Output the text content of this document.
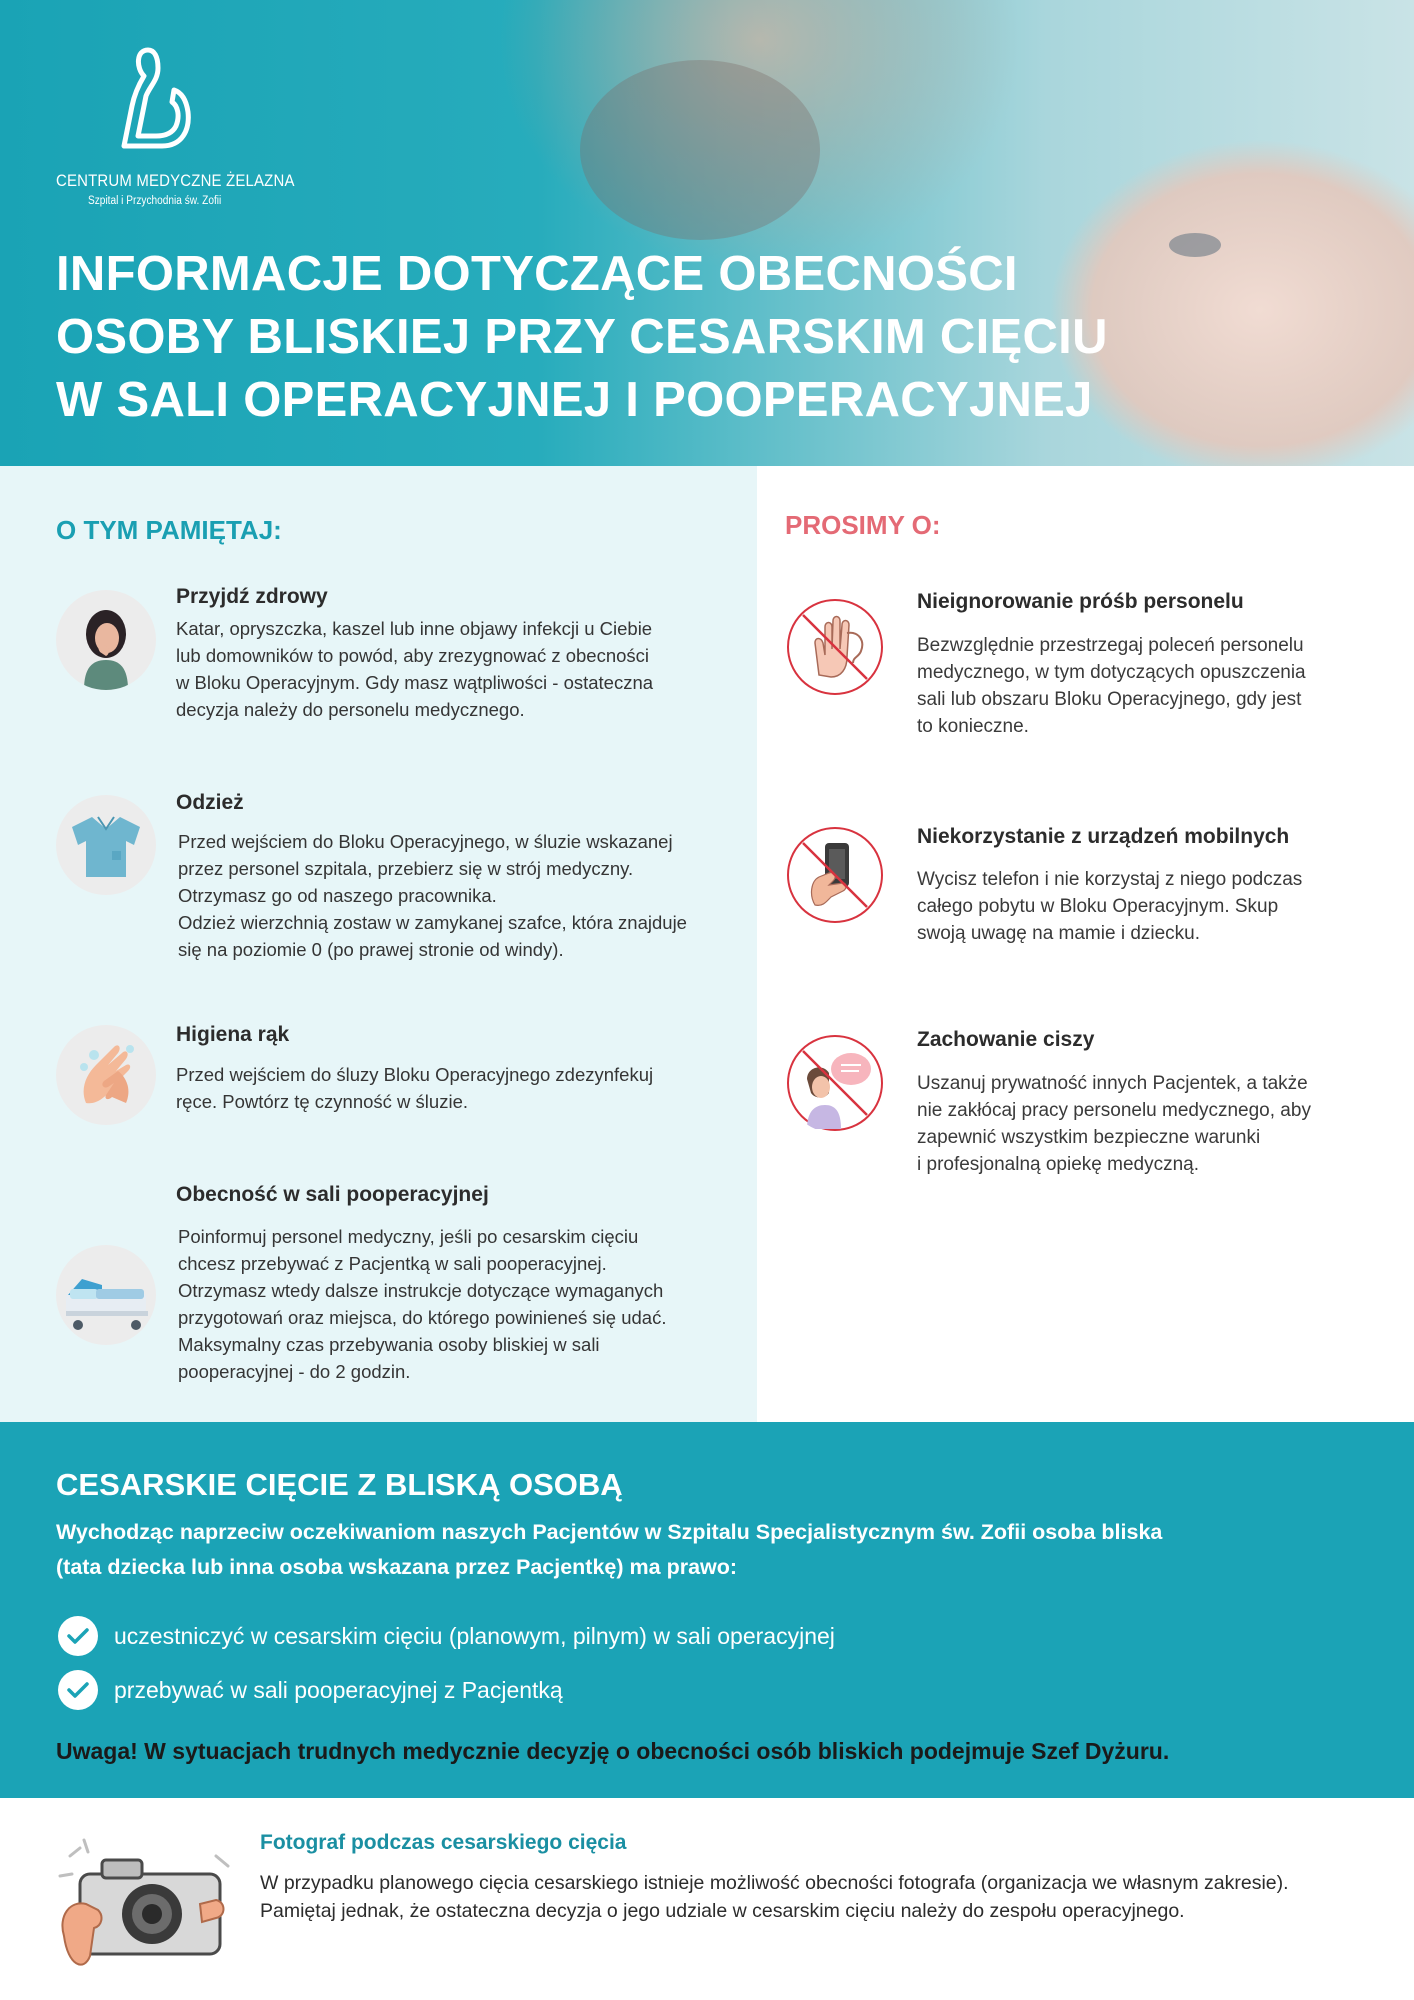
CENTRUM MEDYCZNE ŻELAZNA
Szpital i Przychodnia św. Zofii
INFORMACJE DOTYCZĄCE OBECNOŚCI
OSOBY BLISKIEJ PRZY CESARSKIM CIĘCIU
W SALI OPERACYJNEJ I POOPERACYJNEJ
O TYM PAMIĘTAJ:	PROSIMY O:
Przyjdź zdrowy
Katar, opryszczka, kaszel lub inne objawy infekcji u Ciebie
lub domowników to powód, aby zrezygnować z obecności
w Bloku Operacyjnym. Gdy masz wątpliwości - ostateczna
decyzja należy do personelu medycznego.
Odzież
Przed wejściem do Bloku Operacyjnego, w śluzie wskazanej
przez personel szpitala, przebierz się w strój medyczny.
Otrzymasz go od naszego pracownika.
Odzież wierzchnią zostaw w zamykanej szafce, która znajduje
się na poziomie 0 (po prawej stronie od windy).
Higiena rąk
Przed wejściem do śluzy Bloku Operacyjnego zdezynfekuj
ręce. Powtórz tę czynność w śluzie.
Obecność w sali pooperacyjnej
Poinformuj personel medyczny, jeśli po cesarskim cięciu
chcesz przebywać z Pacjentką w sali pooperacyjnej.
Otrzymasz wtedy dalsze instrukcje dotyczące wymaganych
przygotowań oraz miejsca, do którego powinieneś się udać.
Maksymalny czas przebywania osoby bliskiej w sali
pooperacyjnej - do 2 godzin.
Nieignorowanie próśb personelu
Bezwzględnie przestrzegaj poleceń personelu
medycznego, w tym dotyczących opuszczenia
sali lub obszaru Bloku Operacyjnego, gdy jest
to konieczne.
Niekorzystanie z urządzeń mobilnych
Wycisz telefon i nie korzystaj z niego podczas
całego pobytu w Bloku Operacyjnym. Skup
swoją uwagę na mamie i dziecku.
Zachowanie ciszy
Uszanuj prywatność innych Pacjentek, a także
nie zakłócaj pracy personelu medycznego, aby
zapewnić wszystkim bezpieczne warunki
i profesjonalną opiekę medyczną.
CESARSKIE CIĘCIE Z BLISKĄ OSOBĄ
Wychodząc naprzeciw oczekiwaniom naszych Pacjentów w Szpitalu Specjalistycznym św. Zofii osoba bliska
(tata dziecka lub inna osoba wskazana przez Pacjentkę) ma prawo:
uczestniczyć w cesarskim cięciu (planowym, pilnym) w sali operacyjnej
przebywać w sali pooperacyjnej z Pacjentką
Uwaga! W sytuacjach trudnych medycznie decyzję o obecności osób bliskich podejmuje Szef Dyżuru.
Fotograf podczas cesarskiego cięcia
W przypadku planowego cięcia cesarskiego istnieje możliwość obecności fotografa (organizacja we własnym zakresie).
Pamiętaj jednak, że ostateczna decyzja o jego udziale w cesarskim cięciu należy do zespołu operacyjnego.
